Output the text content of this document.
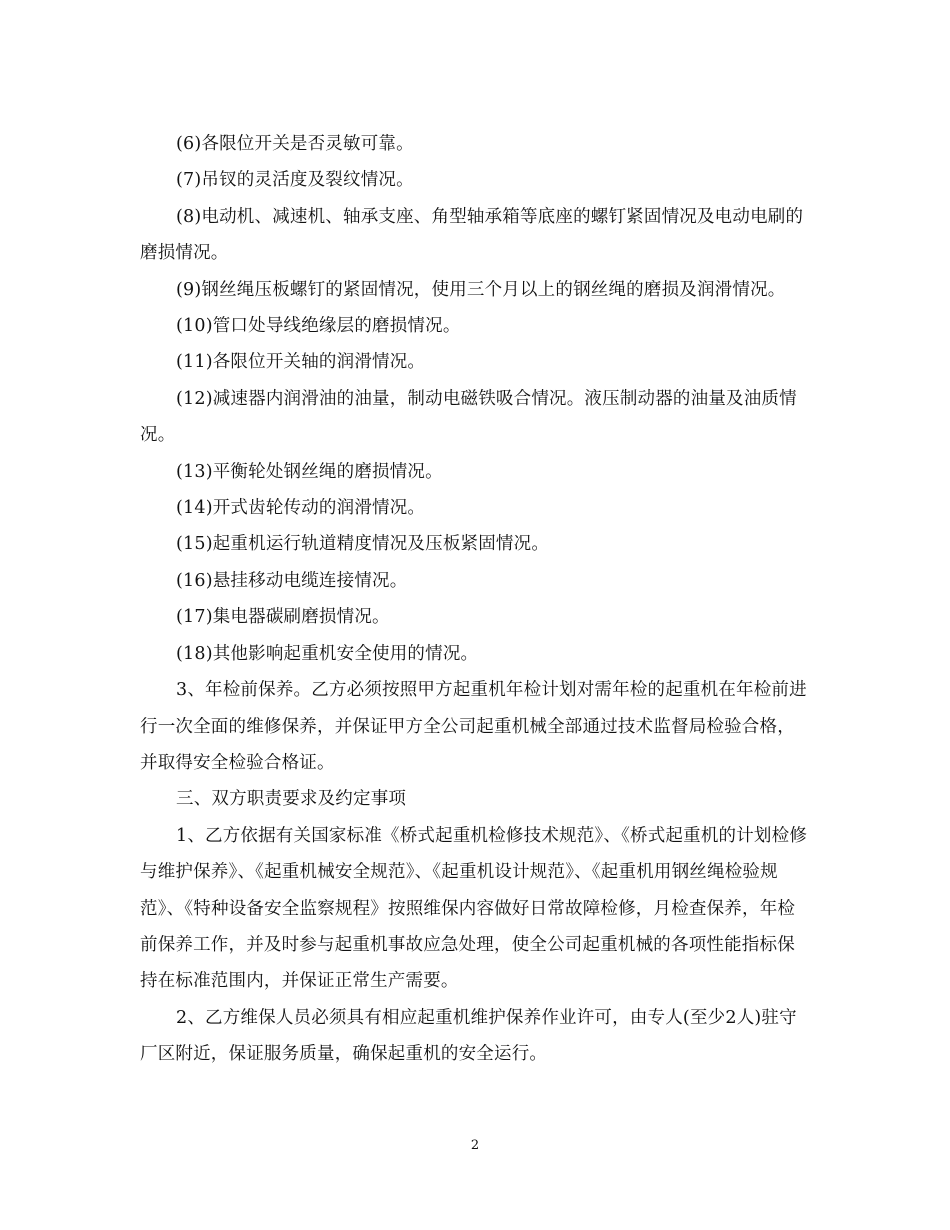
(6)各限位开关是否灵敏可靠。

(7)吊钗的灵活度及裂纹情况。

(8)电动机、减速机、轴承支座、角型轴承箱等底座的螺钉紧固情况及电动电刷的磨损情况。

(9)钢丝绳压板螺钉的紧固情况，使用三个月以上的钢丝绳的磨损及润滑情况。

(10)管口处导线绝缘层的磨损情况。

(11)各限位开关轴的润滑情况。

(12)减速器内润滑油的油量，制动电磁铁吸合情况。液压制动器的油量及油质情况。

(13)平衡轮处钢丝绳的磨损情况。

(14)开式齿轮传动的润滑情况。

(15)起重机运行轨道精度情况及压板紧固情况。

(16)悬挂移动电缆连接情况。

(17)集电器碳刷磨损情况。

(18)其他影响起重机安全使用的情况。

3、年检前保养。乙方必须按照甲方起重机年检计划对需年检的起重机在年检前进行一次全面的维修保养，并保证甲方全公司起重机械全部通过技术监督局检验合格，并取得安全检验合格证。

三、双方职责要求及约定事项

1、乙方依据有关国家标准《桥式起重机检修技术规范》、《桥式起重机的计划检修与维护保养》、《起重机械安全规范》、《起重机设计规范》、《起重机用钢丝绳检验规范》、《特种设备安全监察规程》按照维保内容做好日常故障检修，月检查保养，年检前保养工作，并及时参与起重机事故应急处理，使全公司起重机械的各项性能指标保持在标准范围内，并保证正常生产需要。

2、乙方维保人员必须具有相应起重机维护保养作业许可，由专人(至少2人)驻守厂区附近，保证服务质量，确保起重机的安全运行。

2
